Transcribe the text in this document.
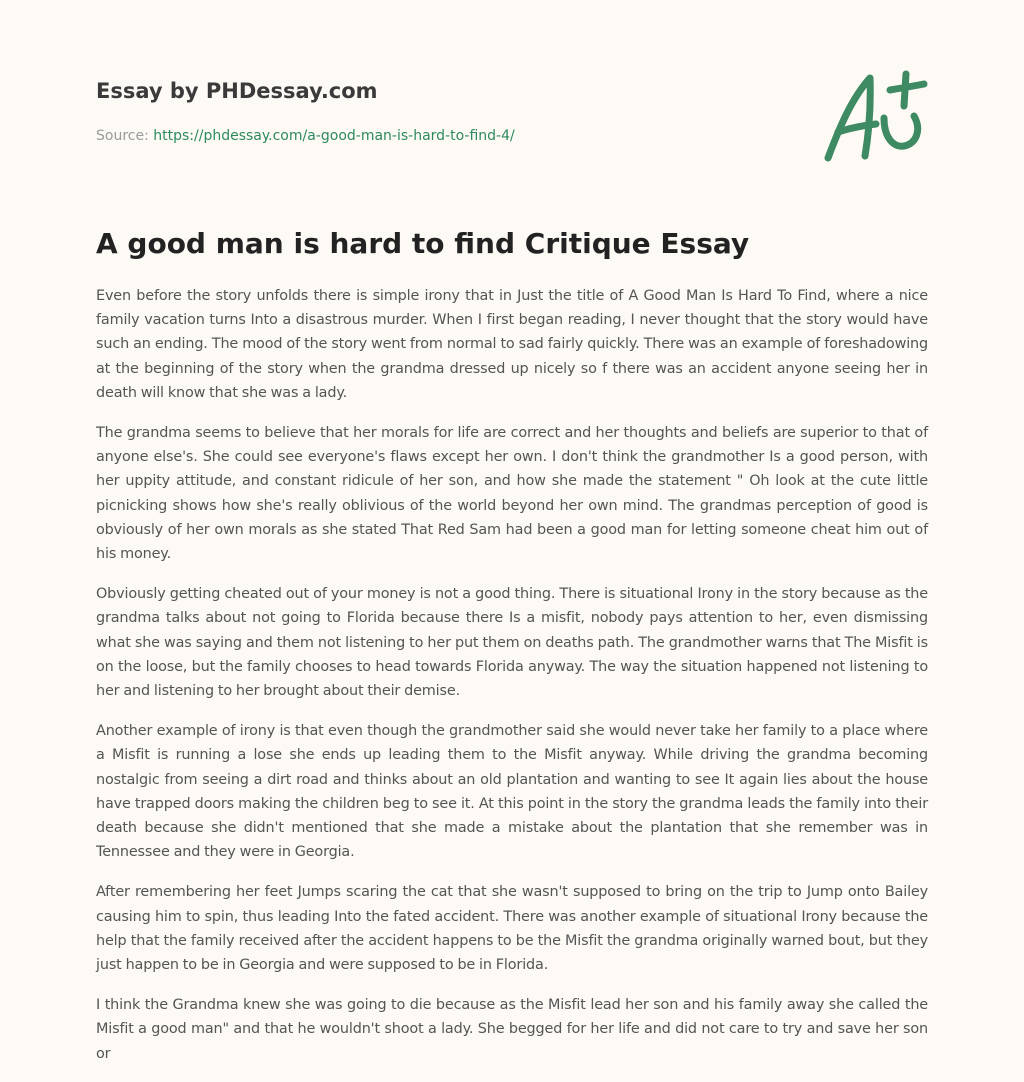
Essay by PHDessay.com
Source: https://phdessay.com/a-good-man-is-hard-to-find-4/
A good man is hard to find Critique Essay

Even before the story unfolds there is simple irony that in Just the title of A Good Man Is Hard To Find, where a nice family vacation turns Into a disastrous murder. When I first began reading, I never thought that the story would have such an ending. The mood of the story went from normal to sad fairly quickly. There was an example of foreshadowing at the beginning of the story when the grandma dressed up nicely so f there was an accident anyone seeing her in death will know that she was a lady.

The grandma seems to believe that her morals for life are correct and her thoughts and beliefs are superior to that of anyone else's. She could see everyone's flaws except her own. I don't think the grandmother Is a good person, with her uppity attitude, and constant ridicule of her son, and how she made the statement " Oh look at the cute little picnicking shows how she's really oblivious of the world beyond her own mind. The grandmas perception of good is obviously of her own morals as she stated That Red Sam had been a good man for letting someone cheat him out of his money.

Obviously getting cheated out of your money is not a good thing. There is situational Irony in the story because as the grandma talks about not going to Florida because there Is a misfit, nobody pays attention to her, even dismissing what she was saying and them not listening to her put them on deaths path. The grandmother warns that The Misfit is on the loose, but the family chooses to head towards Florida anyway. The way the situation happened not listening to her and listening to her brought about their demise.

Another example of irony is that even though the grandmother said she would never take her family to a place where a Misfit is running a lose she ends up leading them to the Misfit anyway. While driving the grandma becoming nostalgic from seeing a dirt road and thinks about an old plantation and wanting to see It again lies about the house have trapped doors making the children beg to see it. At this point in the story the grandma leads the family into their death because she didn't mentioned that she made a mistake about the plantation that she remember was in Tennessee and they were in Georgia.

After remembering her feet Jumps scaring the cat that she wasn't supposed to bring on the trip to Jump onto Bailey causing him to spin, thus leading Into the fated accident. There was another example of situational Irony because the help that the family received after the accident happens to be the Misfit the grandma originally warned bout, but they just happen to be in Georgia and were supposed to be in Florida.

I think the Grandma knew she was going to die because as the Misfit lead her son and his family away she called the Misfit a good man" and that he wouldn't shoot a lady. She begged for her life and did not care to try and save her son or
